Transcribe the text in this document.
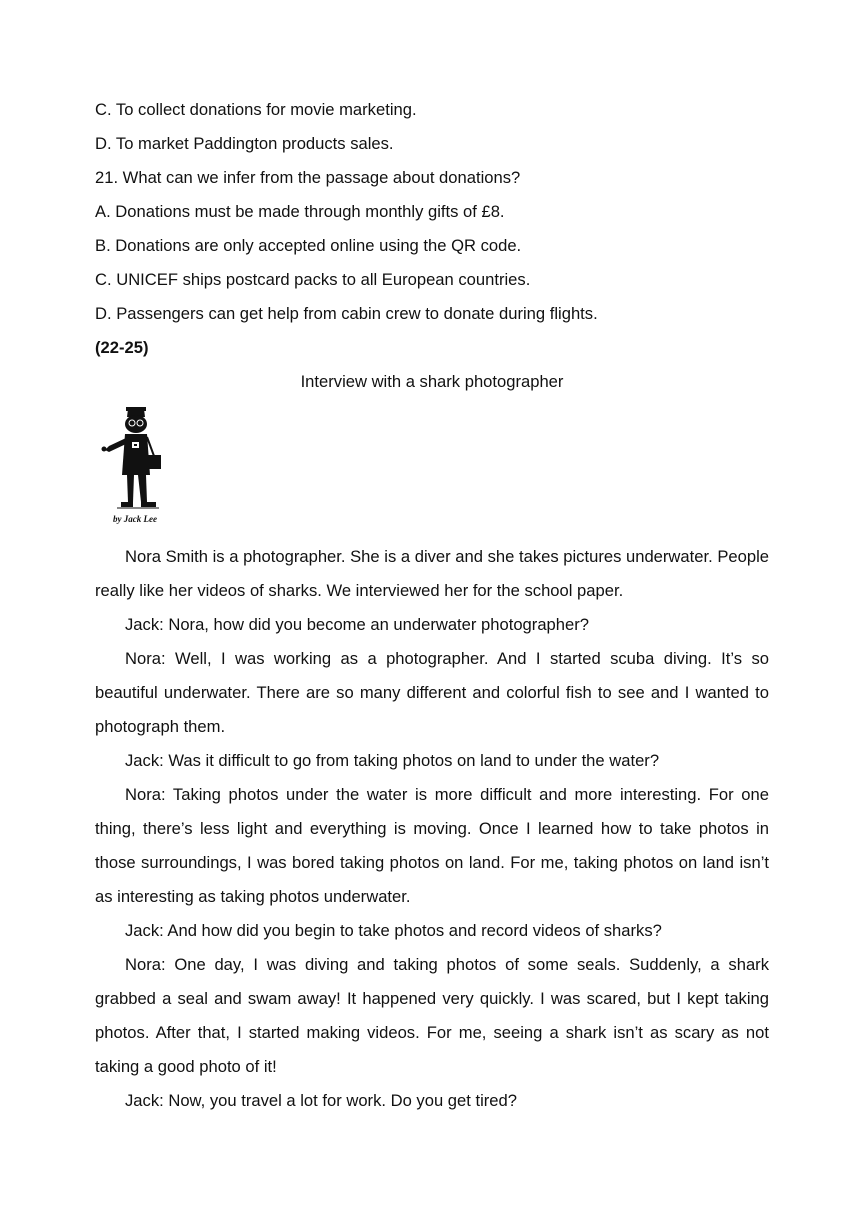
C. To collect donations for movie marketing.
D. To market Paddington products sales.
21. What can we infer from the passage about donations?
A. Donations must be made through monthly gifts of £8.
B. Donations are only accepted online using the QR code.
C. UNICEF ships postcard packs to all European countries.
D. Passengers can get help from cabin crew to donate during flights.
(22-25)
Interview with a shark photographer
by Jack Lee

Nora Smith is a photographer. She is a diver and she takes pictures underwater. People really like her videos of sharks. We interviewed her for the school paper.

Jack: Nora, how did you become an underwater photographer?

Nora: Well, I was working as a photographer. And I started scuba diving. It’s so beautiful underwater. There are so many different and colorful fish to see and I wanted to photograph them.

Jack: Was it difficult to go from taking photos on land to under the water?

Nora: Taking photos under the water is more difficult and more interesting. For one thing, there’s less light and everything is moving. Once I learned how to take photos in those surroundings, I was bored taking photos on land. For me, taking photos on land isn’t as interesting as taking photos underwater.

Jack: And how did you begin to take photos and record videos of sharks?

Nora: One day, I was diving and taking photos of some seals. Suddenly, a shark grabbed a seal and swam away! It happened very quickly. I was scared, but I kept taking photos. After that, I started making videos. For me, seeing a shark isn’t as scary as not taking a good photo of it!

Jack: Now, you travel a lot for work. Do you get tired?
